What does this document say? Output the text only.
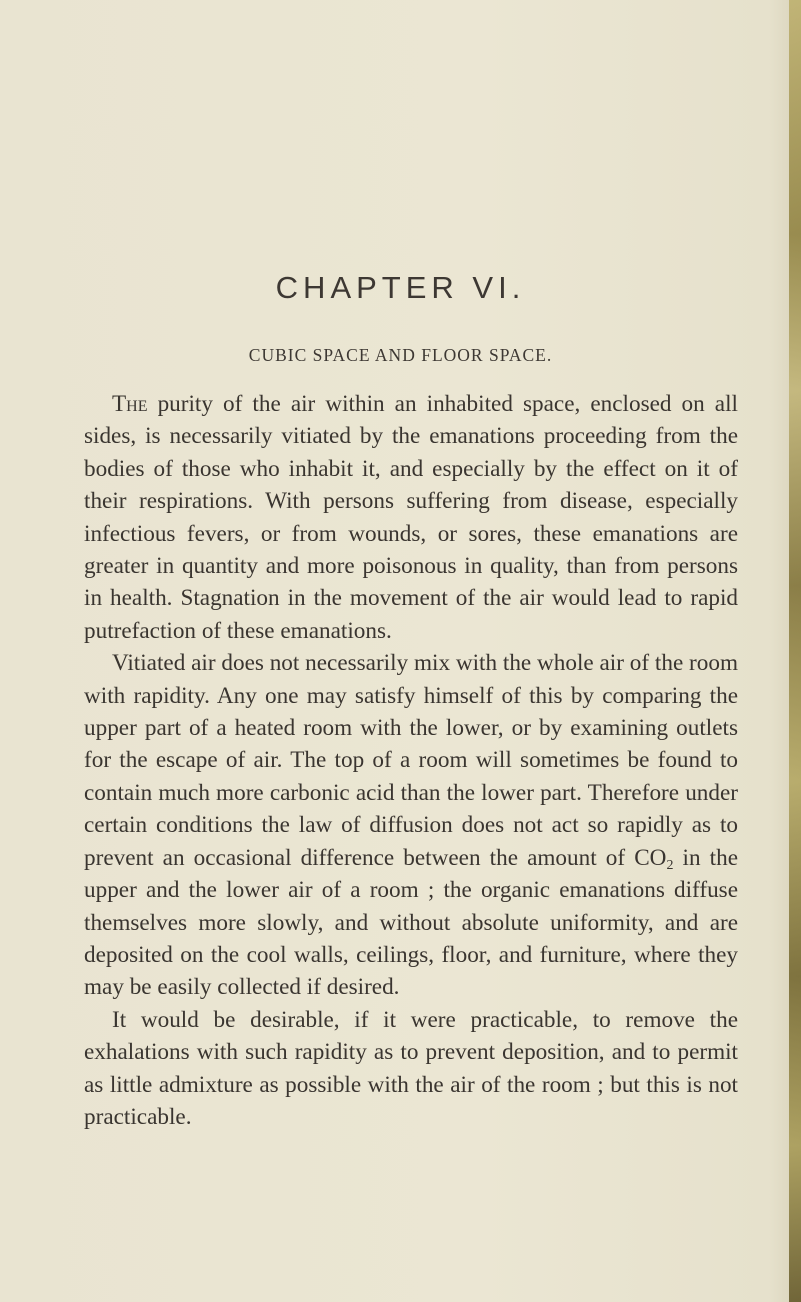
CHAPTER VI.
CUBIC SPACE AND FLOOR SPACE.

The purity of the air within an inhabited space, enclosed on all sides, is necessarily vitiated by the emanations proceeding from the bodies of those who inhabit it, and especially by the effect on it of their respirations. With persons suffering from disease, especially infectious fevers, or from wounds, or sores, these emanations are greater in quantity and more poisonous in quality, than from persons in health. Stagnation in the movement of the air would lead to rapid putrefaction of these emanations.

Vitiated air does not necessarily mix with the whole air of the room with rapidity. Any one may satisfy himself of this by comparing the upper part of a heated room with the lower, or by examining outlets for the escape of air. The top of a room will sometimes be found to contain much more carbonic acid than the lower part. Therefore under certain conditions the law of diffusion does not act so rapidly as to prevent an occasional difference between the amount of $CO_2$ in the upper and the lower air of a room ; the organic emanations diffuse themselves more slowly, and without absolute uniformity, and are deposited on the cool walls, ceilings, floor, and furniture, where they may be easily collected if desired.

It would be desirable, if it were practicable, to remove the exhalations with such rapidity as to prevent deposition, and to permit as little admixture as possible with the air of the room ; but this is not practicable.
